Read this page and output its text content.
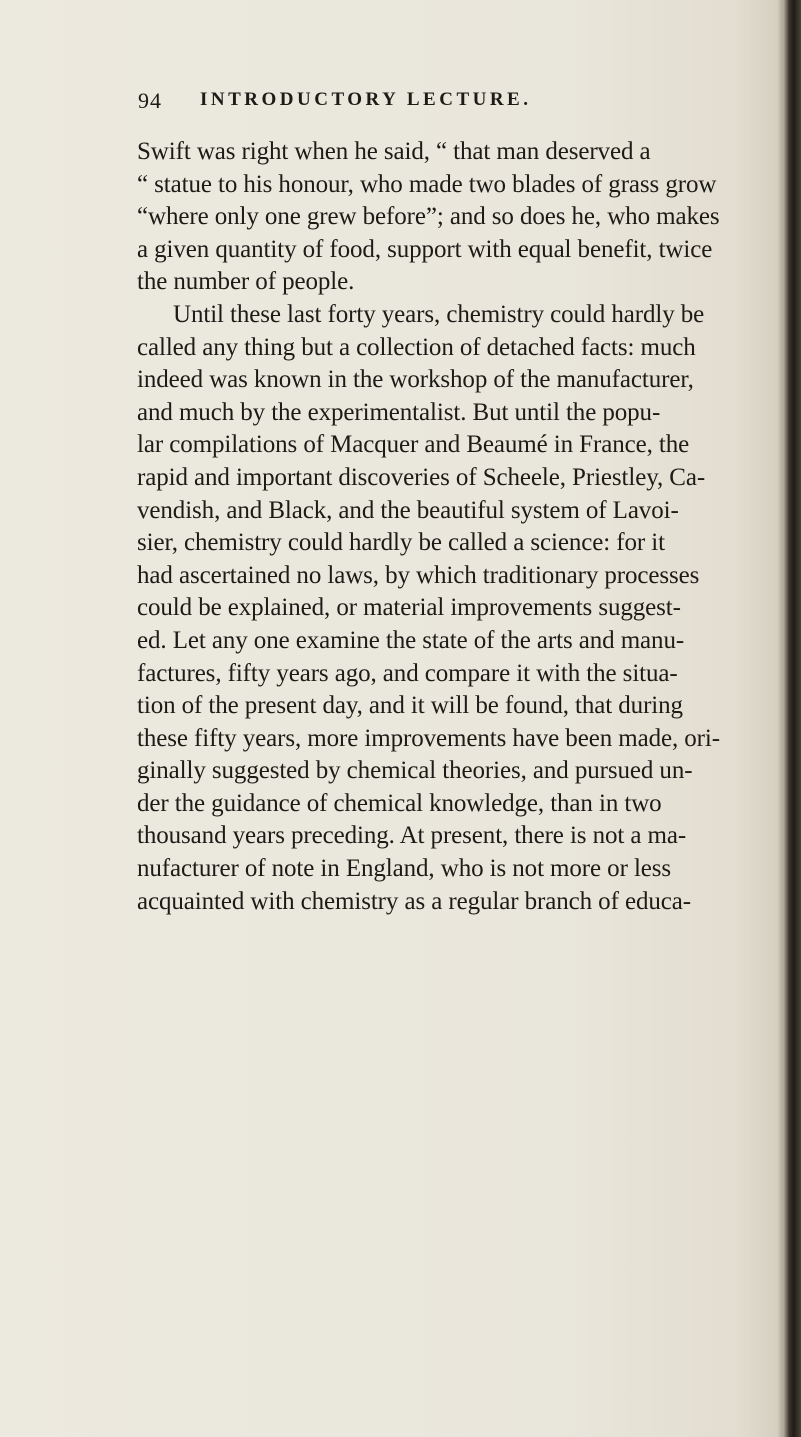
94 INTRODUCTORY LECTURE.
Swift was right when he said, “ that man deserved a
“ statue to his honour, who made two blades of grass grow
“where only one grew before”; and so does he, who makes
a given quantity of food, support with equal benefit, twice
the number of people.
Until these last forty years, chemistry could hardly be
called any thing but a collection of detached facts: much
indeed was known in the workshop of the manufacturer,
and much by the experimentalist. But until the popu-
lar compilations of Macquer and Beaumé in France, the
rapid and important discoveries of Scheele, Priestley, Ca-
vendish, and Black, and the beautiful system of Lavoi-
sier, chemistry could hardly be called a science: for it
had ascertained no laws, by which traditionary processes
could be explained, or material improvements suggest-
ed. Let any one examine the state of the arts and manu-
factures, fifty years ago, and compare it with the situa-
tion of the present day, and it will be found, that during
these fifty years, more improvements have been made, ori-
ginally suggested by chemical theories, and pursued un-
der the guidance of chemical knowledge, than in two
thousand years preceding. At present, there is not a ma-
nufacturer of note in England, who is not more or less
acquainted with chemistry as a regular branch of educa-
